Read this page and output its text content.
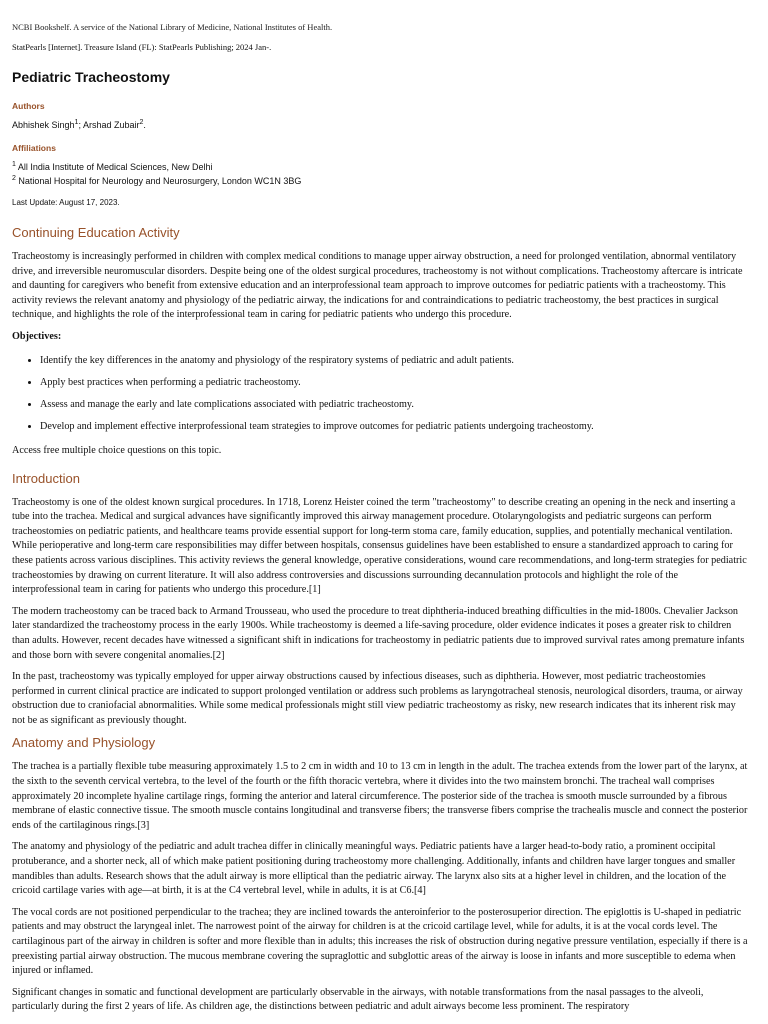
NCBI Bookshelf. A service of the National Library of Medicine, National Institutes of Health.
StatPearls [Internet]. Treasure Island (FL): StatPearls Publishing; 2024 Jan-.
Pediatric Tracheostomy
Authors

Abhishek Singh$^1$; Arshad Zubair$^2$.

Affiliations

$^1$ All India Institute of Medical Sciences, New Delhi

$^2$ National Hospital for Neurology and Neurosurgery, London WC1N 3BG

Last Update: August 17, 2023.

Continuing Education Activity

Tracheostomy is increasingly performed in children with complex medical conditions to manage upper airway obstruction, a need for prolonged ventilation, abnormal ventilatory drive, and irreversible neuromuscular disorders. Despite being one of the oldest surgical procedures, tracheostomy is not without complications. Tracheostomy aftercare is intricate and daunting for caregivers who benefit from extensive education and an interprofessional team approach to improve outcomes for pediatric patients with a tracheostomy. This activity reviews the relevant anatomy and physiology of the pediatric airway, the indications for and contraindications to pediatric tracheostomy, the best practices in surgical technique, and highlights the role of the interprofessional team in caring for pediatric patients who undergo this procedure.

Objectives:
• Identify the key differences in the anatomy and physiology of the respiratory systems of pediatric and adult patients.
• Apply best practices when performing a pediatric tracheostomy.
• Assess and manage the early and late complications associated with pediatric tracheostomy.
• Develop and implement effective interprofessional team strategies to improve outcomes for pediatric patients undergoing tracheostomy.

Access free multiple choice questions on this topic.

Introduction

Tracheostomy is one of the oldest known surgical procedures. In 1718, Lorenz Heister coined the term "tracheostomy" to describe creating an opening in the neck and inserting a tube into the trachea. Medical and surgical advances have significantly improved this airway management procedure. Otolaryngologists and pediatric surgeons can perform tracheostomies on pediatric patients, and healthcare teams provide essential support for long-term stoma care, family education, supplies, and potentially mechanical ventilation. While perioperative and long-term care responsibilities may differ between hospitals, consensus guidelines have been established to ensure a standardized approach to caring for these patients across various disciplines. This activity reviews the general knowledge, operative considerations, wound care recommendations, and long-term strategies for pediatric tracheostomies by drawing on current literature. It will also address controversies and discussions surrounding decannulation protocols and highlight the role of the interprofessional team in caring for patients who undergo this procedure.[1]

The modern tracheostomy can be traced back to Armand Trousseau, who used the procedure to treat diphtheria-induced breathing difficulties in the mid-1800s. Chevalier Jackson later standardized the tracheostomy process in the early 1900s. While tracheostomy is deemed a life-saving procedure, older evidence indicates it poses a greater risk to children than adults. However, recent decades have witnessed a significant shift in indications for tracheostomy in pediatric patients due to improved survival rates among premature infants and those born with severe congenital anomalies.[2]

In the past, tracheostomy was typically employed for upper airway obstructions caused by infectious diseases, such as diphtheria. However, most pediatric tracheostomies performed in current clinical practice are indicated to support prolonged ventilation or address such problems as laryngotracheal stenosis, neurological disorders, trauma, or airway obstruction due to craniofacial abnormalities. While some medical professionals might still view pediatric tracheostomy as risky, new research indicates that its inherent risk may not be as significant as previously thought.

Anatomy and Physiology

The trachea is a partially flexible tube measuring approximately 1.5 to 2 cm in width and 10 to 13 cm in length in the adult. The trachea extends from the lower part of the larynx, at the sixth to the seventh cervical vertebra, to the level of the fourth or the fifth thoracic vertebra, where it divides into the two mainstem bronchi. The tracheal wall comprises approximately 20 incomplete hyaline cartilage rings, forming the anterior and lateral circumference. The posterior side of the trachea is smooth muscle surrounded by a fibrous membrane of elastic connective tissue. The smooth muscle contains longitudinal and transverse fibers; the transverse fibers comprise the trachealis muscle and connect the posterior ends of the cartilaginous rings.[3]

The anatomy and physiology of the pediatric and adult trachea differ in clinically meaningful ways. Pediatric patients have a larger head-to-body ratio, a prominent occipital protuberance, and a shorter neck, all of which make patient positioning during tracheostomy more challenging. Additionally, infants and children have larger tongues and smaller mandibles than adults. Research shows that the adult airway is more elliptical than the pediatric airway. The larynx also sits at a higher level in children, and the location of the cricoid cartilage varies with age—at birth, it is at the C4 vertebral level, while in adults, it is at C6.[4]

The vocal cords are not positioned perpendicular to the trachea; they are inclined towards the anteroinferior to the posterosuperior direction. The epiglottis is U-shaped in pediatric patients and may obstruct the laryngeal inlet. The narrowest point of the airway for children is at the cricoid cartilage level, while for adults, it is at the vocal cords level. The cartilaginous part of the airway in children is softer and more flexible than in adults; this increases the risk of obstruction during negative pressure ventilation, especially if there is a preexisting partial airway obstruction. The mucous membrane covering the supraglottic and subglottic areas of the airway is loose in infants and more susceptible to edema when injured or inflamed.

Significant changes in somatic and functional development are particularly observable in the airways, with notable transformations from the nasal passages to the alveoli, particularly during the first 2 years of life. As children age, the distinctions between pediatric and adult airways become less prominent. The respiratory
